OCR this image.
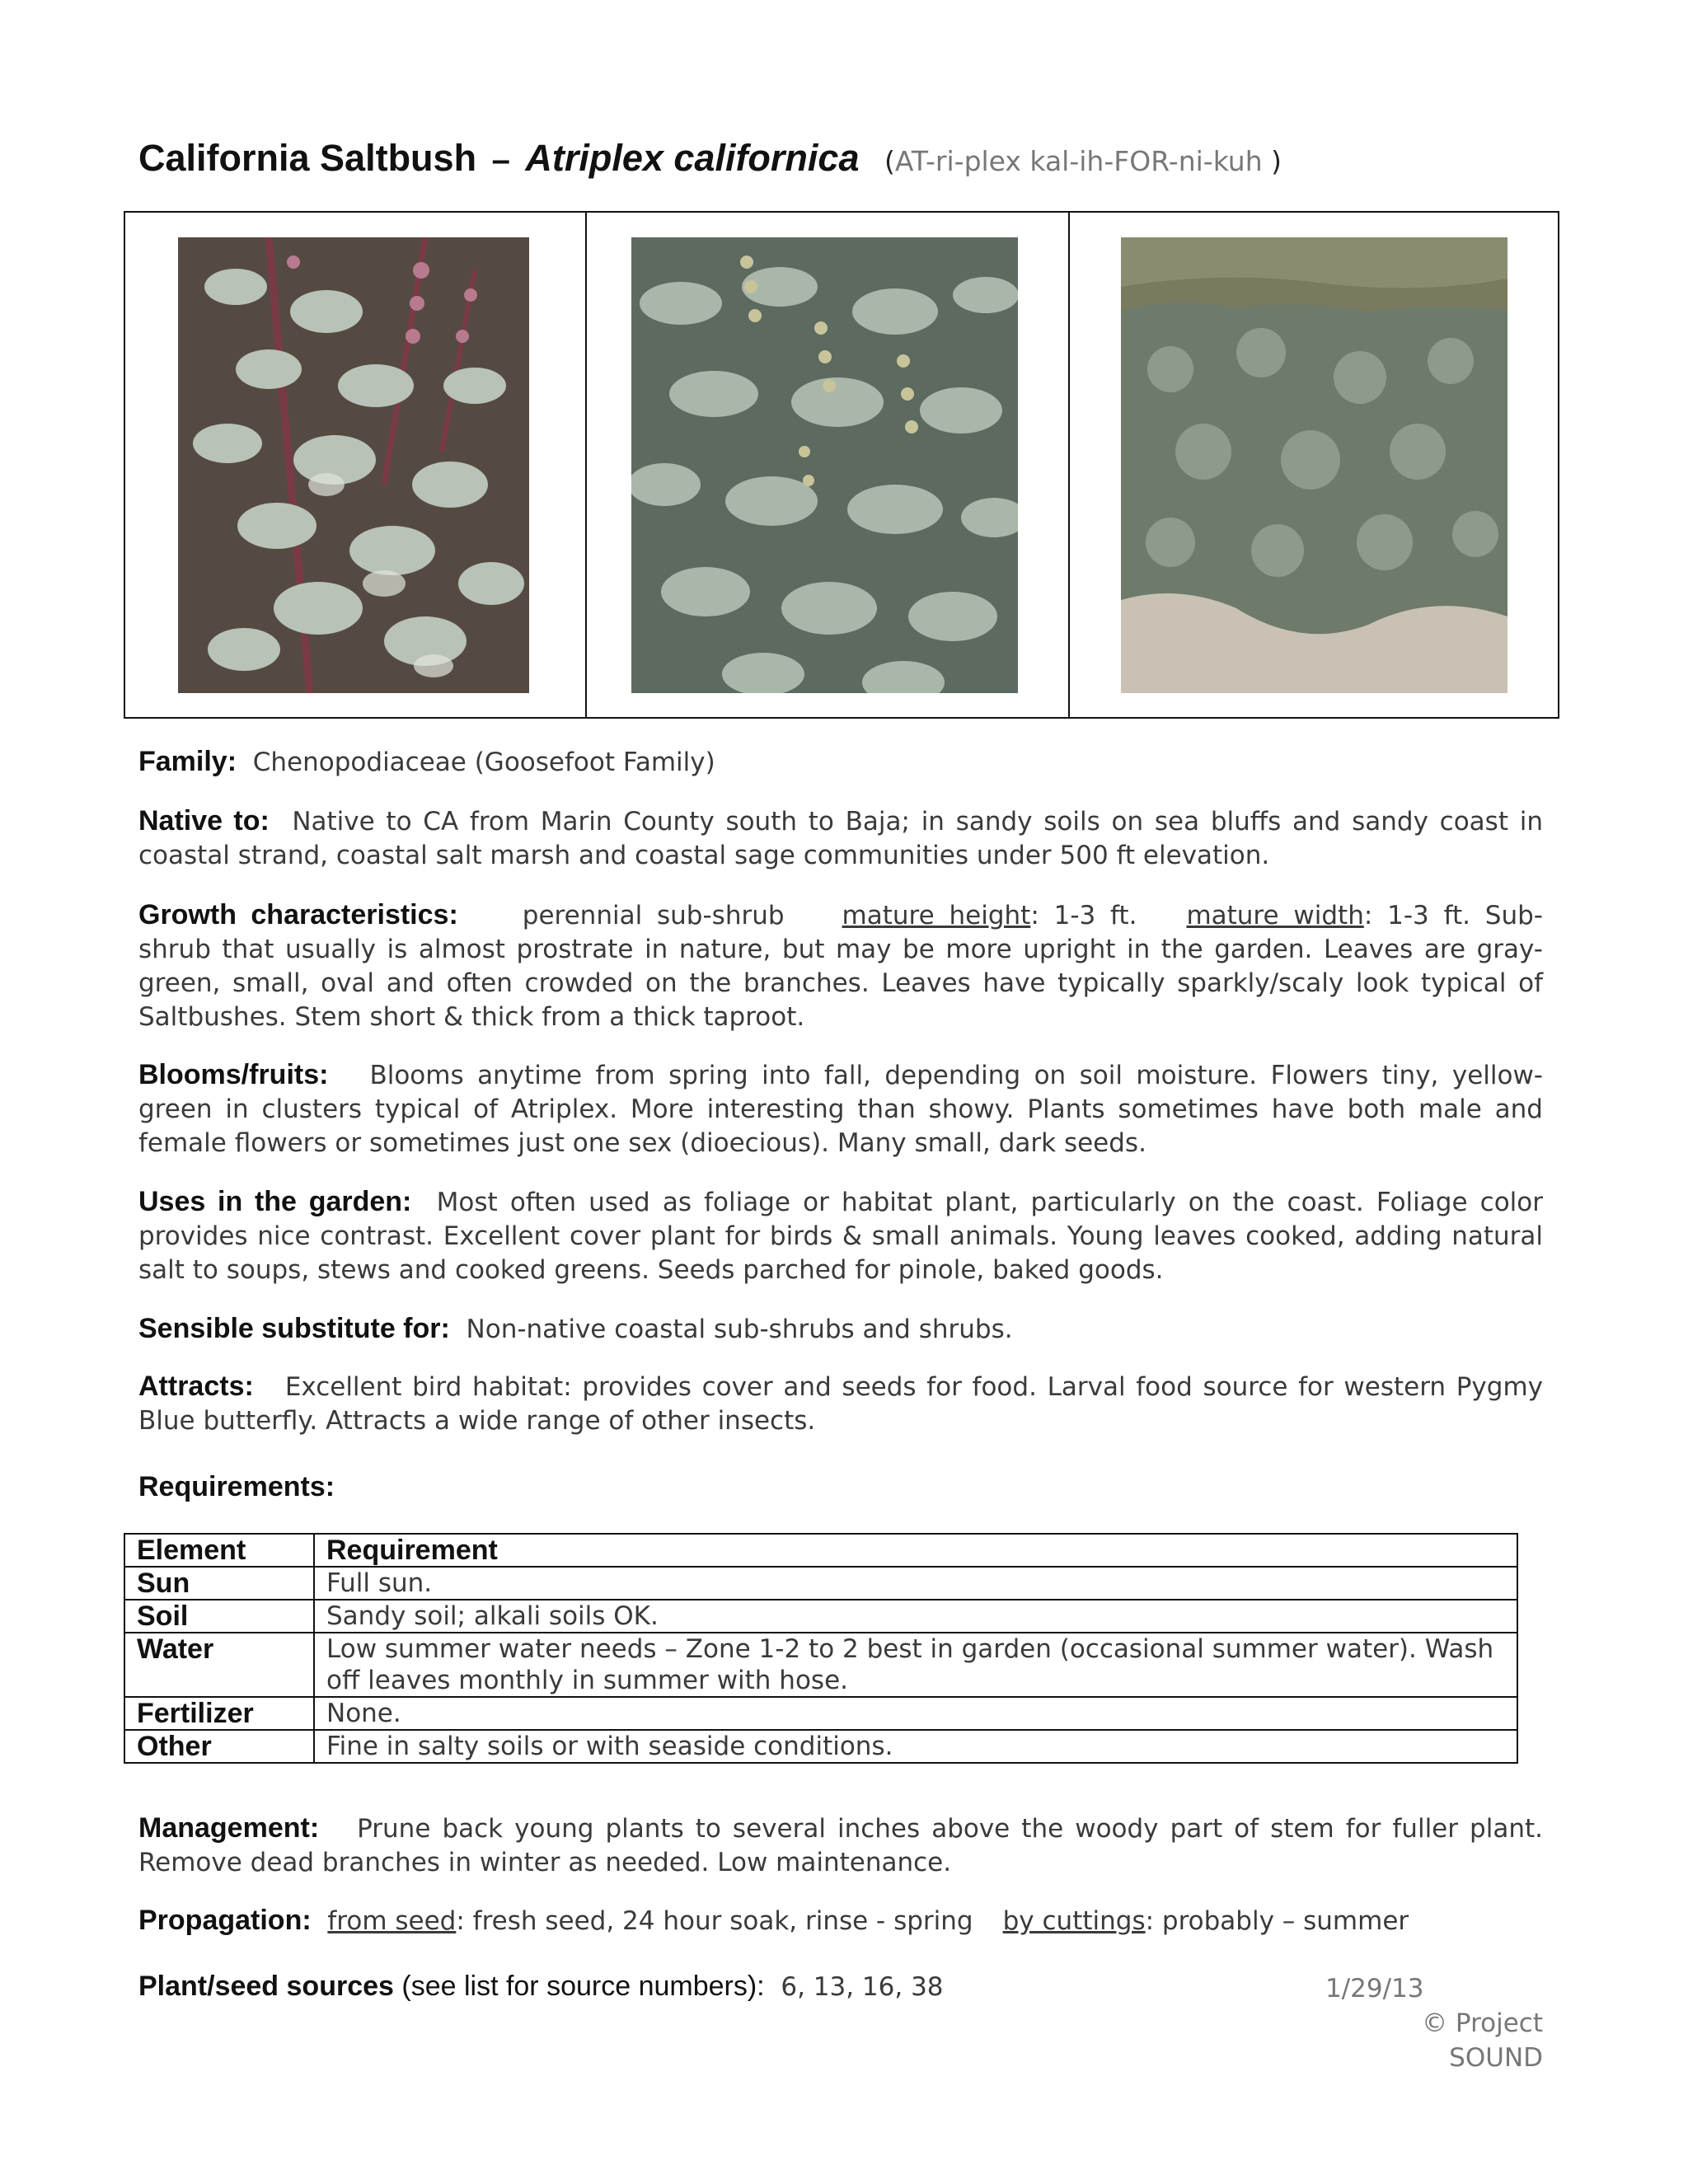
California Saltbush – Atriplex californica (AT-ri-plex kal-ih-FOR-ni-kuh )

Family: Chenopodiaceae (Goosefoot Family)

Native to: Native to CA from Marin County south to Baja; in sandy soils on sea bluffs and sandy coast in coastal strand, coastal salt marsh and coastal sage communities under 500 ft elevation.

Growth characteristics:	perennial sub-shrub mature height: 1-3 ft. mature width: 1-3 ft. Sub-shrub that usually is almost prostrate in nature, but may be more upright in the garden. Leaves are gray-green, small, oval and often crowded on the branches. Leaves have typically sparkly/scaly look typical of Saltbushes. Stem short & thick from a thick taproot.

Blooms/fruits: Blooms anytime from spring into fall, depending on soil moisture. Flowers tiny, yellow-green in clusters typical of Atriplex. More interesting than showy. Plants sometimes have both male and female flowers or sometimes just one sex (dioecious). Many small, dark seeds.

Uses in the garden: Most often used as foliage or habitat plant, particularly on the coast. Foliage color provides nice contrast. Excellent cover plant for birds & small animals. Young leaves cooked, adding natural salt to soups, stews and cooked greens. Seeds parched for pinole, baked goods.

Sensible substitute for: Non-native coastal sub-shrubs and shrubs.

Attracts: Excellent bird habitat: provides cover and seeds for food. Larval food source for western Pygmy Blue butterfly. Attracts a wide range of other insects.

Requirements:

Element	Requirement
Sun	Full sun.
Soil	Sandy soil; alkali soils OK.
Water	Low summer water needs – Zone 1-2 to 2 best in garden (occasional summer water). Wash off leaves monthly in summer with hose.
Fertilizer	None.
Other	Fine in salty soils or with seaside conditions.

Management: Prune back young plants to several inches above the woody part of stem for fuller plant. Remove dead branches in winter as needed. Low maintenance.

Propagation: from seed: fresh seed, 24 hour soak, rinse - spring by cuttings: probably – summer

Plant/seed sources (see list for source numbers): 6, 13, 16, 38	1/29/13
© Project SOUND
